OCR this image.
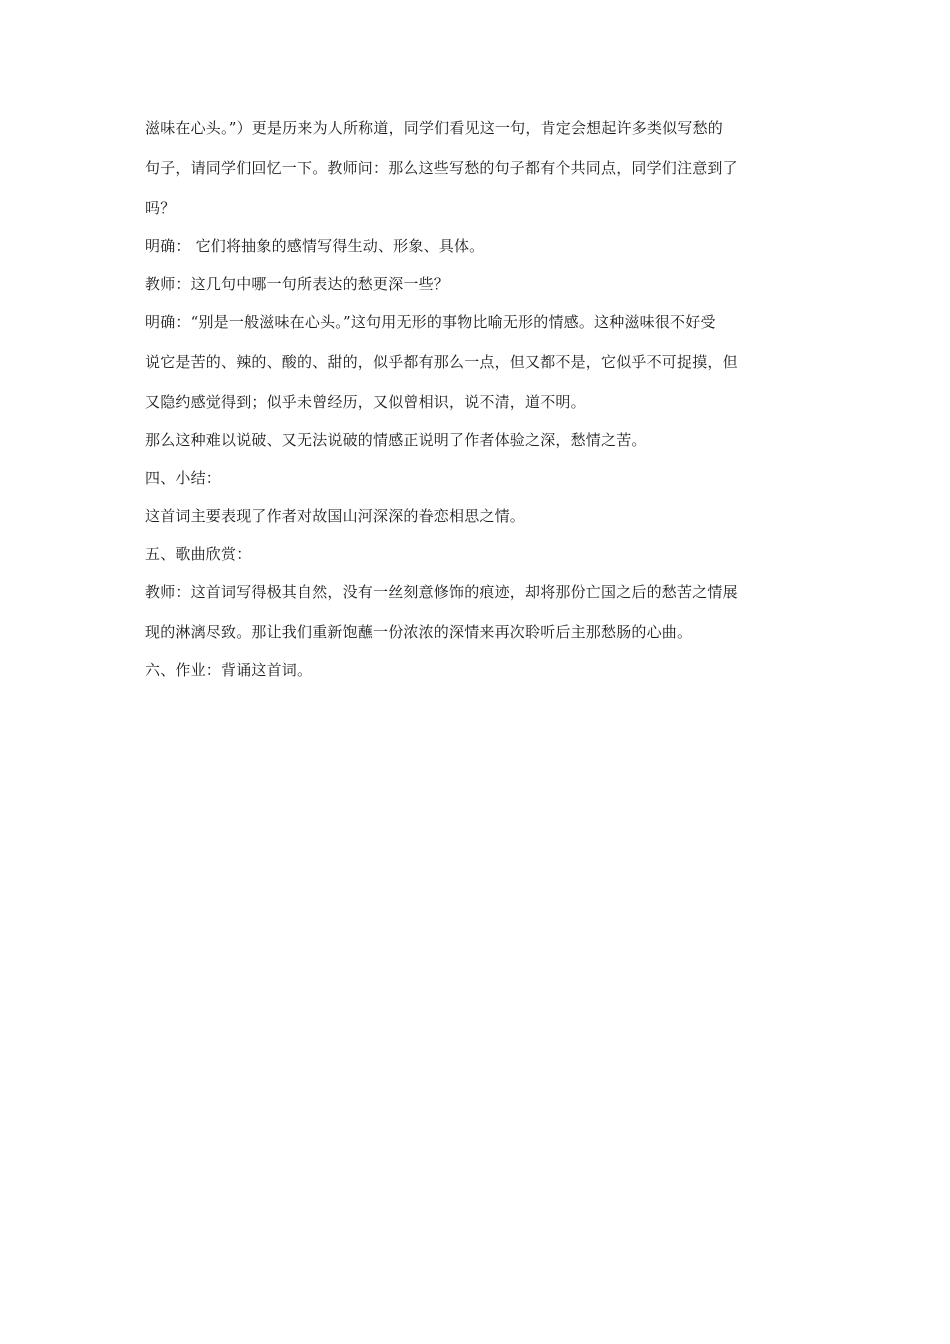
滋味在心头。”）更是历来为人所称道，同学们看见这一句，肯定会想起许多类似写愁的
句子，请同学们回忆一下。教师问：那么这些写愁的句子都有个共同点，同学们注意到了
吗？
明确： 它们将抽象的感情写得生动、形象、具体。
教师：这几句中哪一句所表达的愁更深一些？
明确：“别是一般滋味在心头。”这句用无形的事物比喻无形的情感。这种滋味很不好受
说它是苦的、辣的、酸的、甜的，似乎都有那么一点，但又都不是，它似乎不可捉摸，但
又隐约感觉得到；似乎未曾经历，又似曾相识，说不清，道不明。
那么这种难以说破、又无法说破的情感正说明了作者体验之深，愁情之苦。
四、小结：
这首词主要表现了作者对故国山河深深的眷恋相思之情。
五、歌曲欣赏：
教师：这首词写得极其自然，没有一丝刻意修饰的痕迹，却将那份亡国之后的愁苦之情展
现的淋漓尽致。那让我们重新饱蘸一份浓浓的深情来再次聆听后主那愁肠的心曲。
六、作业：背诵这首词。
